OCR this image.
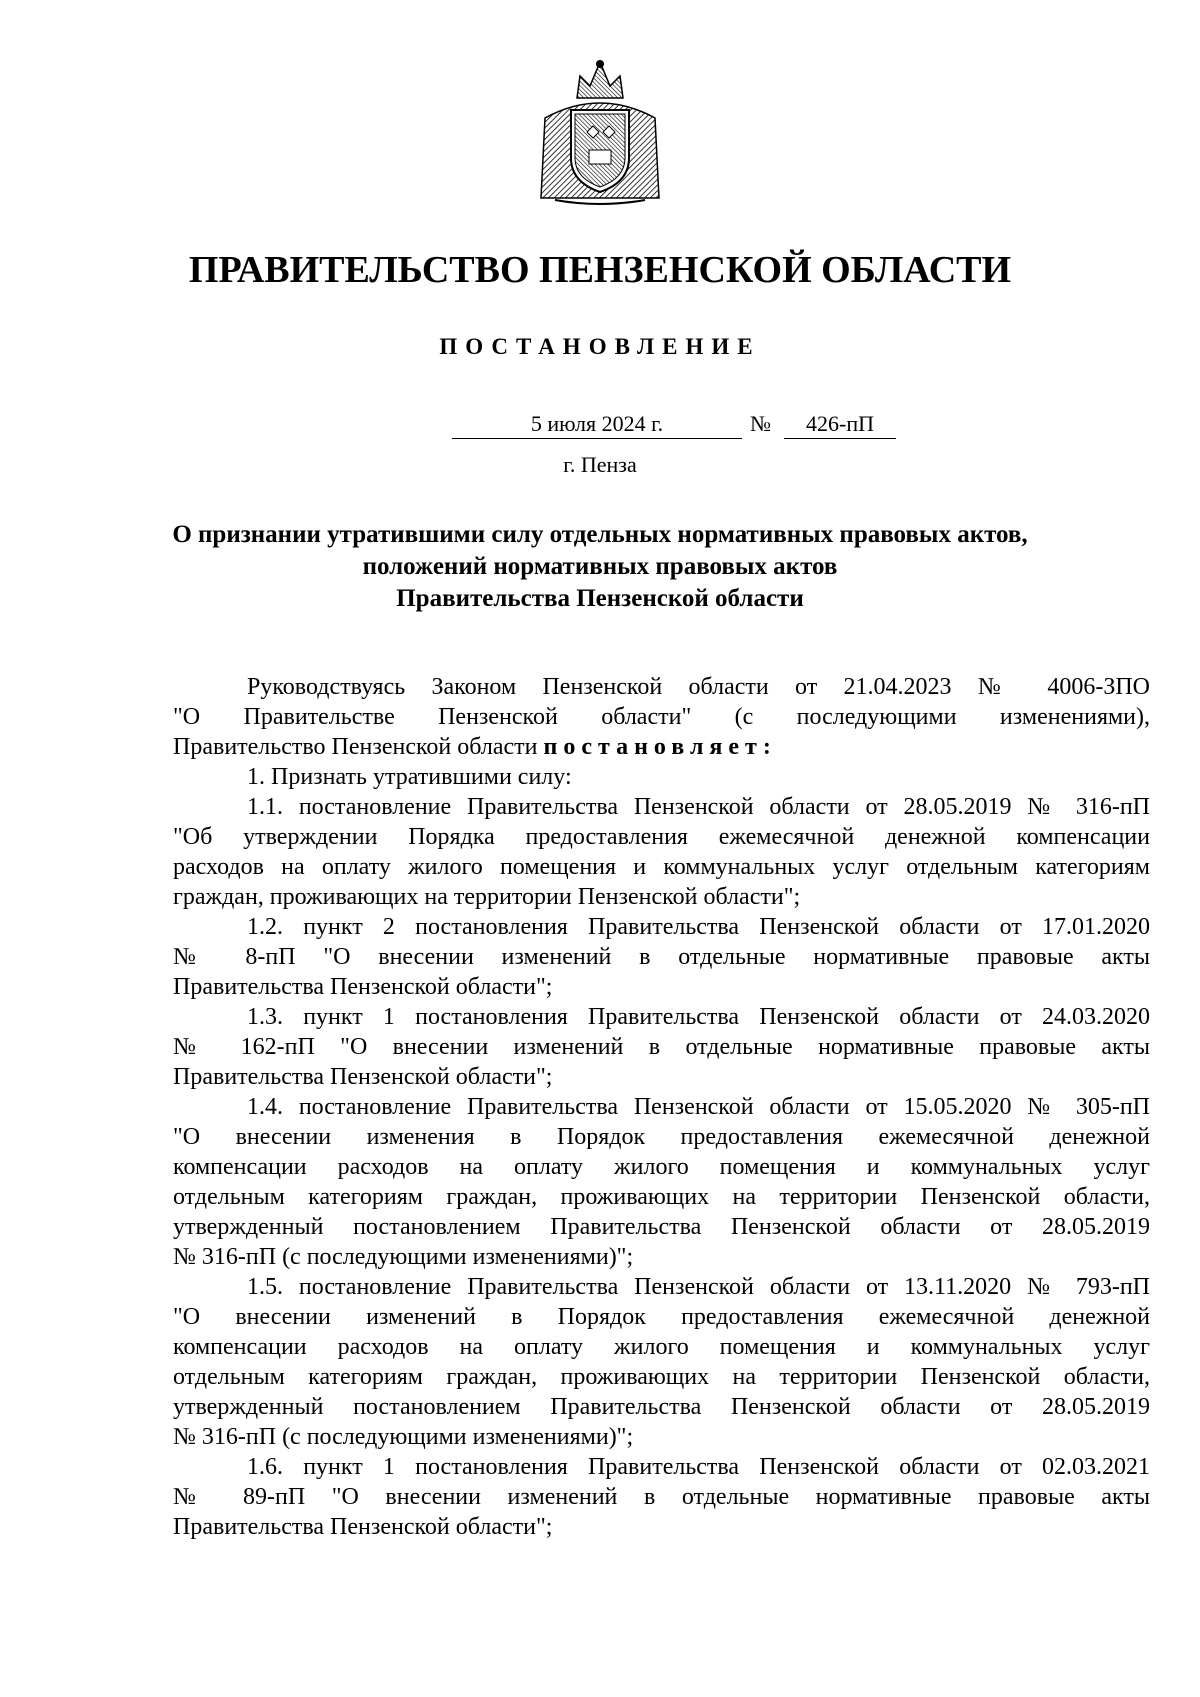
ПРАВИТЕЛЬСТВО ПЕНЗЕНСКОЙ ОБЛАСТИ
ПОСТАНОВЛЕНИЕ
5 июля 2024 г.	№	426-пП
г. Пенза
О признании утратившими силу отдельных нормативных правовых актов,
положений нормативных правовых актов
Правительства Пензенской области
Руководствуясь Законом Пензенской области от 21.04.2023 № 4006-ЗПО
"О Правительстве Пензенской области" (с последующими изменениями),
Правительство Пензенской области постановляет:
1. Признать утратившими силу:
1.1. постановление Правительства Пензенской области от 28.05.2019 № 316-пП
"Об утверждении Порядка предоставления ежемесячной денежной компенсации
расходов на оплату жилого помещения и коммунальных услуг отдельным категориям
граждан, проживающих на территории Пензенской области";
1.2. пункт 2 постановления Правительства Пензенской области от 17.01.2020
№ 8-пП "О внесении изменений в отдельные нормативные правовые акты
Правительства Пензенской области";
1.3. пункт 1 постановления Правительства Пензенской области от 24.03.2020
№ 162-пП "О внесении изменений в отдельные нормативные правовые акты
Правительства Пензенской области";
1.4. постановление Правительства Пензенской области от 15.05.2020 № 305-пП
"О внесении изменения в Порядок предоставления ежемесячной денежной
компенсации расходов на оплату жилого помещения и коммунальных услуг
отдельным категориям граждан, проживающих на территории Пензенской области,
утвержденный постановлением Правительства Пензенской области от 28.05.2019
№ 316-пП (с последующими изменениями)";
1.5. постановление Правительства Пензенской области от 13.11.2020 № 793-пП
"О внесении изменений в Порядок предоставления ежемесячной денежной
компенсации расходов на оплату жилого помещения и коммунальных услуг
отдельным категориям граждан, проживающих на территории Пензенской области,
утвержденный постановлением Правительства Пензенской области от 28.05.2019
№ 316-пП (с последующими изменениями)";
1.6. пункт 1 постановления Правительства Пензенской области от 02.03.2021
№ 89-пП "О внесении изменений в отдельные нормативные правовые акты
Правительства Пензенской области";
